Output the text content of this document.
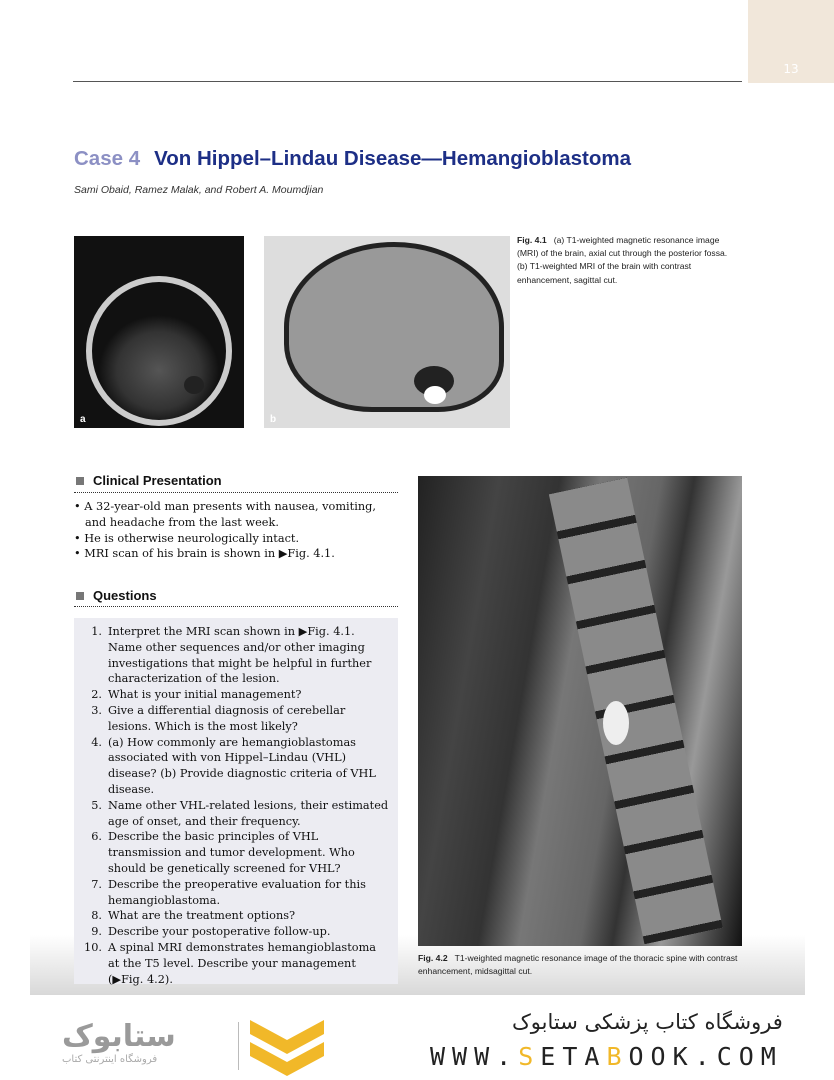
13
Case 4 Von Hippel–Lindau Disease—Hemangioblastoma
Sami Obaid, Ramez Malak, and Robert A. Moumdjian
a	b
Fig. 4.1 (a) T1-weighted magnetic resonance image (MRI) of the brain, axial cut through the posterior fossa. (b) T1-weighted MRI of the brain with contrast enhancement, sagittal cut.
Clinical Presentation
• A 32-year-old man presents with nausea, vomiting, and headache from the last week.
• He is otherwise neurologically intact.
• MRI scan of his brain is shown in ▶Fig. 4.1.
Questions
1. Interpret the MRI scan shown in ▶Fig. 4.1. Name other sequences and/or other imaging investigations that might be helpful in further characterization of the lesion.
2. What is your initial management?
3. Give a differential diagnosis of cerebellar lesions. Which is the most likely?
4. (a) How commonly are hemangioblastomas associated with von Hippel–Lindau (VHL) disease? (b) Provide diagnostic criteria of VHL disease.
5. Name other VHL-related lesions, their estimated age of onset, and their frequency.
6. Describe the basic principles of VHL transmission and tumor development. Who should be genetically screened for VHL?
7. Describe the preoperative evaluation for this hemangioblastoma.
8. What are the treatment options?
9. Describe your postoperative follow-up.
10. A spinal MRI demonstrates hemangioblastoma at the T5 level. Describe your management (▶Fig. 4.2).
Fig. 4.2 T1-weighted magnetic resonance image of the thoracic spine with contrast enhancement, midsagittal cut.
ستابوک
فروشگاه اینترنتی کتاب
فروشگاه کتاب پزشکی ستابوک
WWW.SETABOOK.COM
